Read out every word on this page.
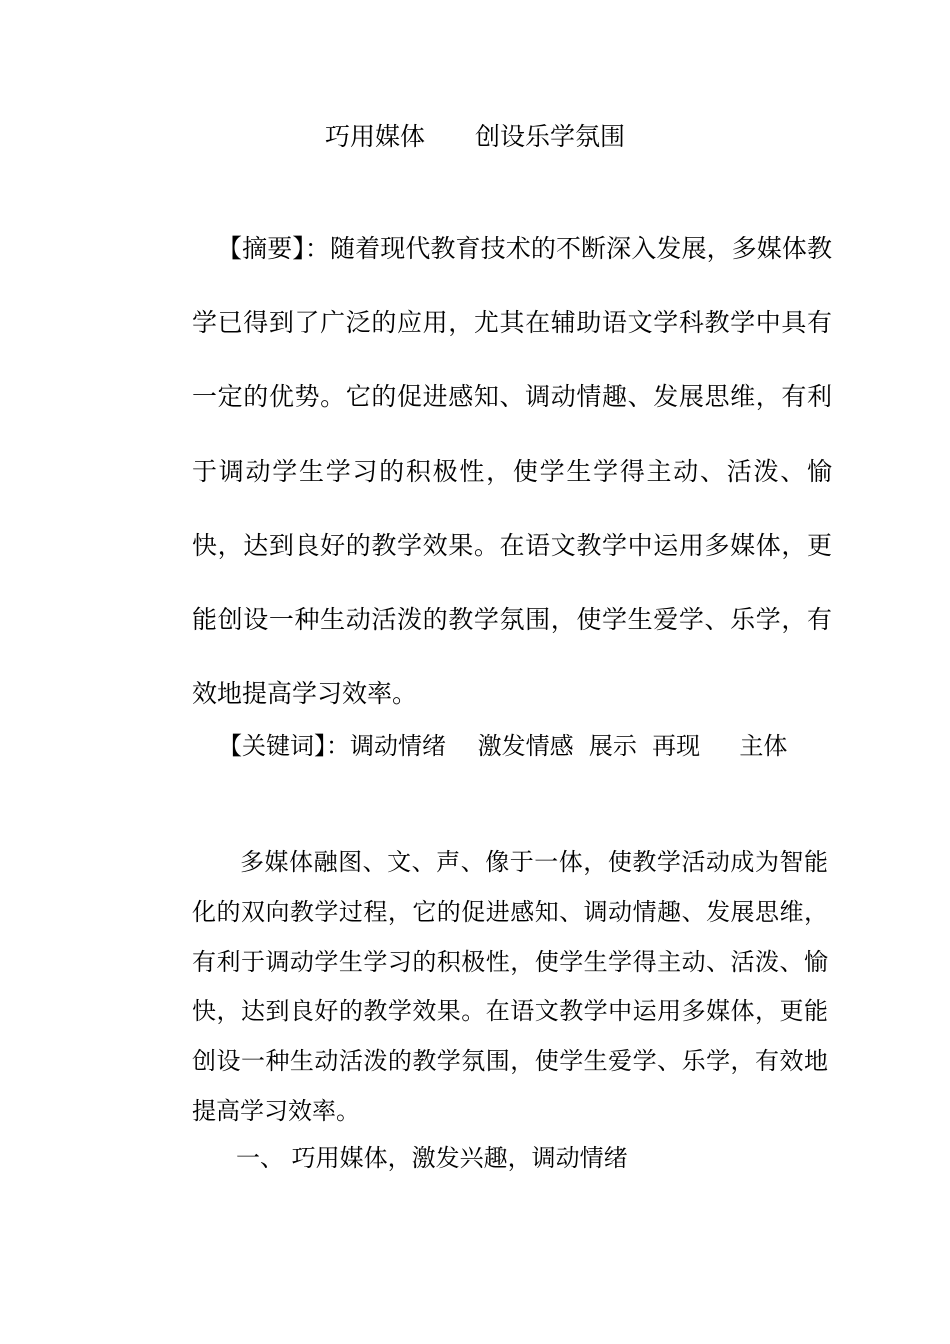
巧用媒体　　创设乐学氛围

【摘要】：随着现代教育技术的不断深入发展，多媒体教学已得到了广泛的应用，尤其在辅助语文学科教学中具有一定的优势。它的促进感知、调动情趣、发展思维，有利于调动学生学习的积极性，使学生学得主动、活泼、愉快，达到良好的教学效果。在语文教学中运用多媒体，更能创设一种生动活泼的教学氛围，使学生爱学、乐学，有效地提高学习效率。

【关键词】：调动情绪　 激发情感  展示  再现  　主体

多媒体融图、文、声、像于一体，使教学活动成为智能化的双向教学过程，它的促进感知、调动情趣、发展思维，有利于调动学生学习的积极性，使学生学得主动、活泼、愉快，达到良好的教学效果。在语文教学中运用多媒体，更能创设一种生动活泼的教学氛围，使学生爱学、乐学，有效地提高学习效率。

一、 巧用媒体，激发兴趣，调动情绪
